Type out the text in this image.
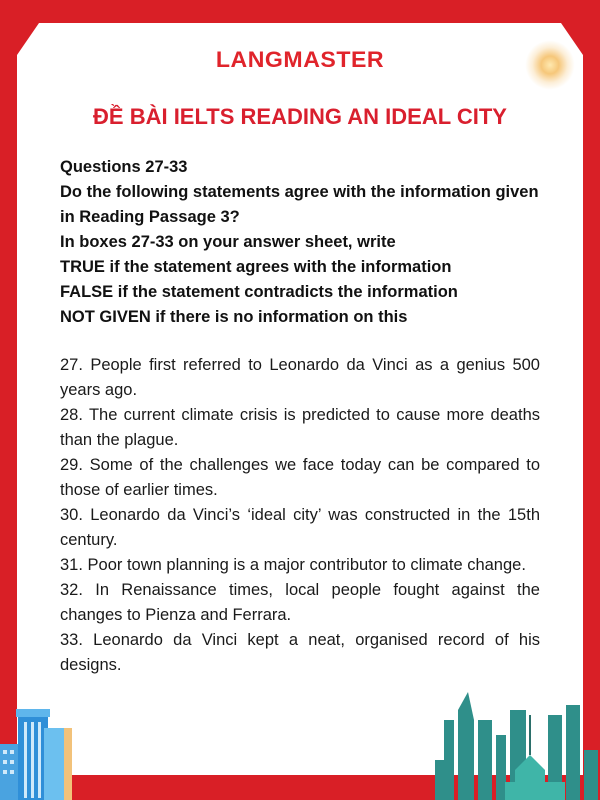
LANGMASTER
ĐỀ BÀI IELTS READING AN IDEAL CITY
Questions 27-33
Do the following statements agree with the information given in Reading Passage 3?
In boxes 27-33 on your answer sheet, write
TRUE if the statement agrees with the information
FALSE if the statement contradicts the information
NOT GIVEN if there is no information on this

27. People first referred to Leonardo da Vinci as a genius 500 years ago.

28. The current climate crisis is predicted to cause more deaths than the plague.

29. Some of the challenges we face today can be compared to those of earlier times.

30. Leonardo da Vinci’s ‘ideal city’ was constructed in the 15th century.

31. Poor town planning is a major contributor to climate change.

32. In Renaissance times, local people fought against the changes to Pienza and Ferrara.

33. Leonardo da Vinci kept a neat, organised record of his designs.
